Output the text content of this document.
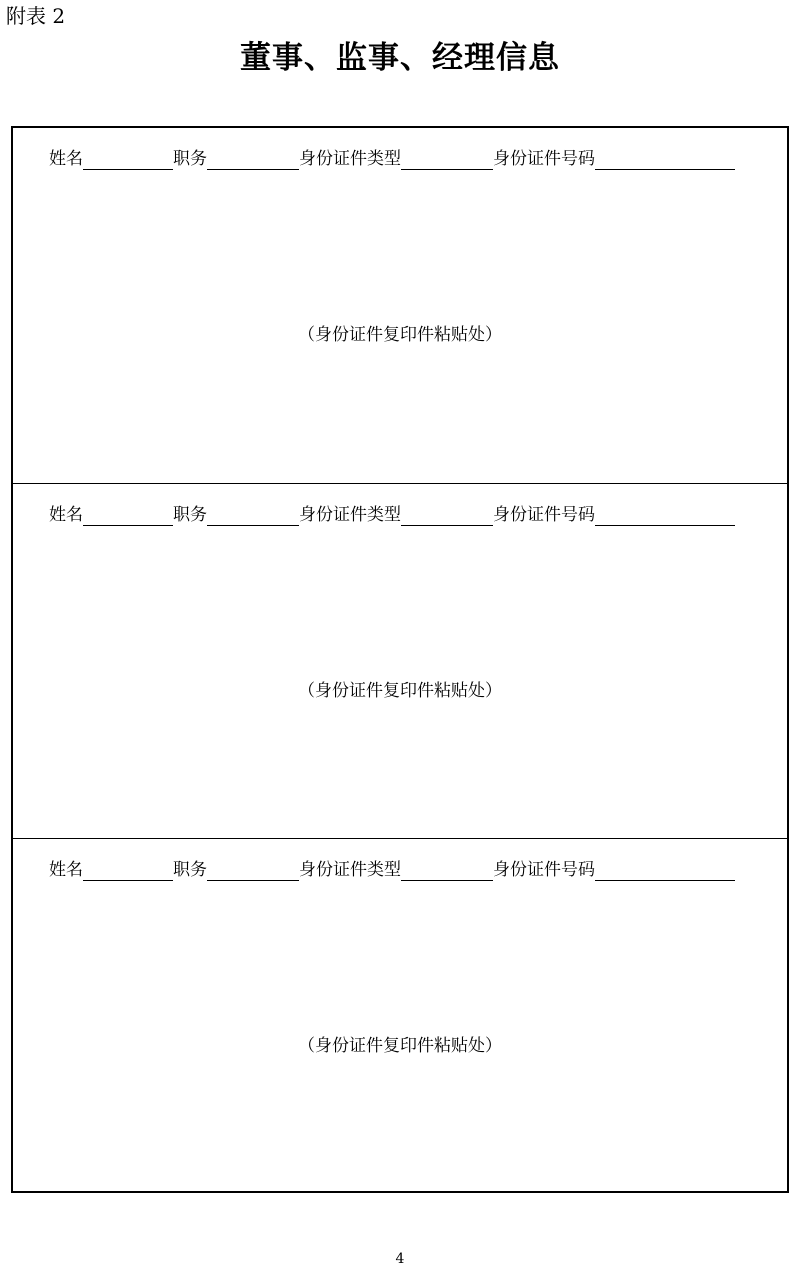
附表 2
董事、监事、经理信息
姓名	职务	身份证件类型	身份证件号码
（身份证件复印件粘贴处）
姓名	职务	身份证件类型	身份证件号码
（身份证件复印件粘贴处）
姓名	职务	身份证件类型	身份证件号码
（身份证件复印件粘贴处）
4
